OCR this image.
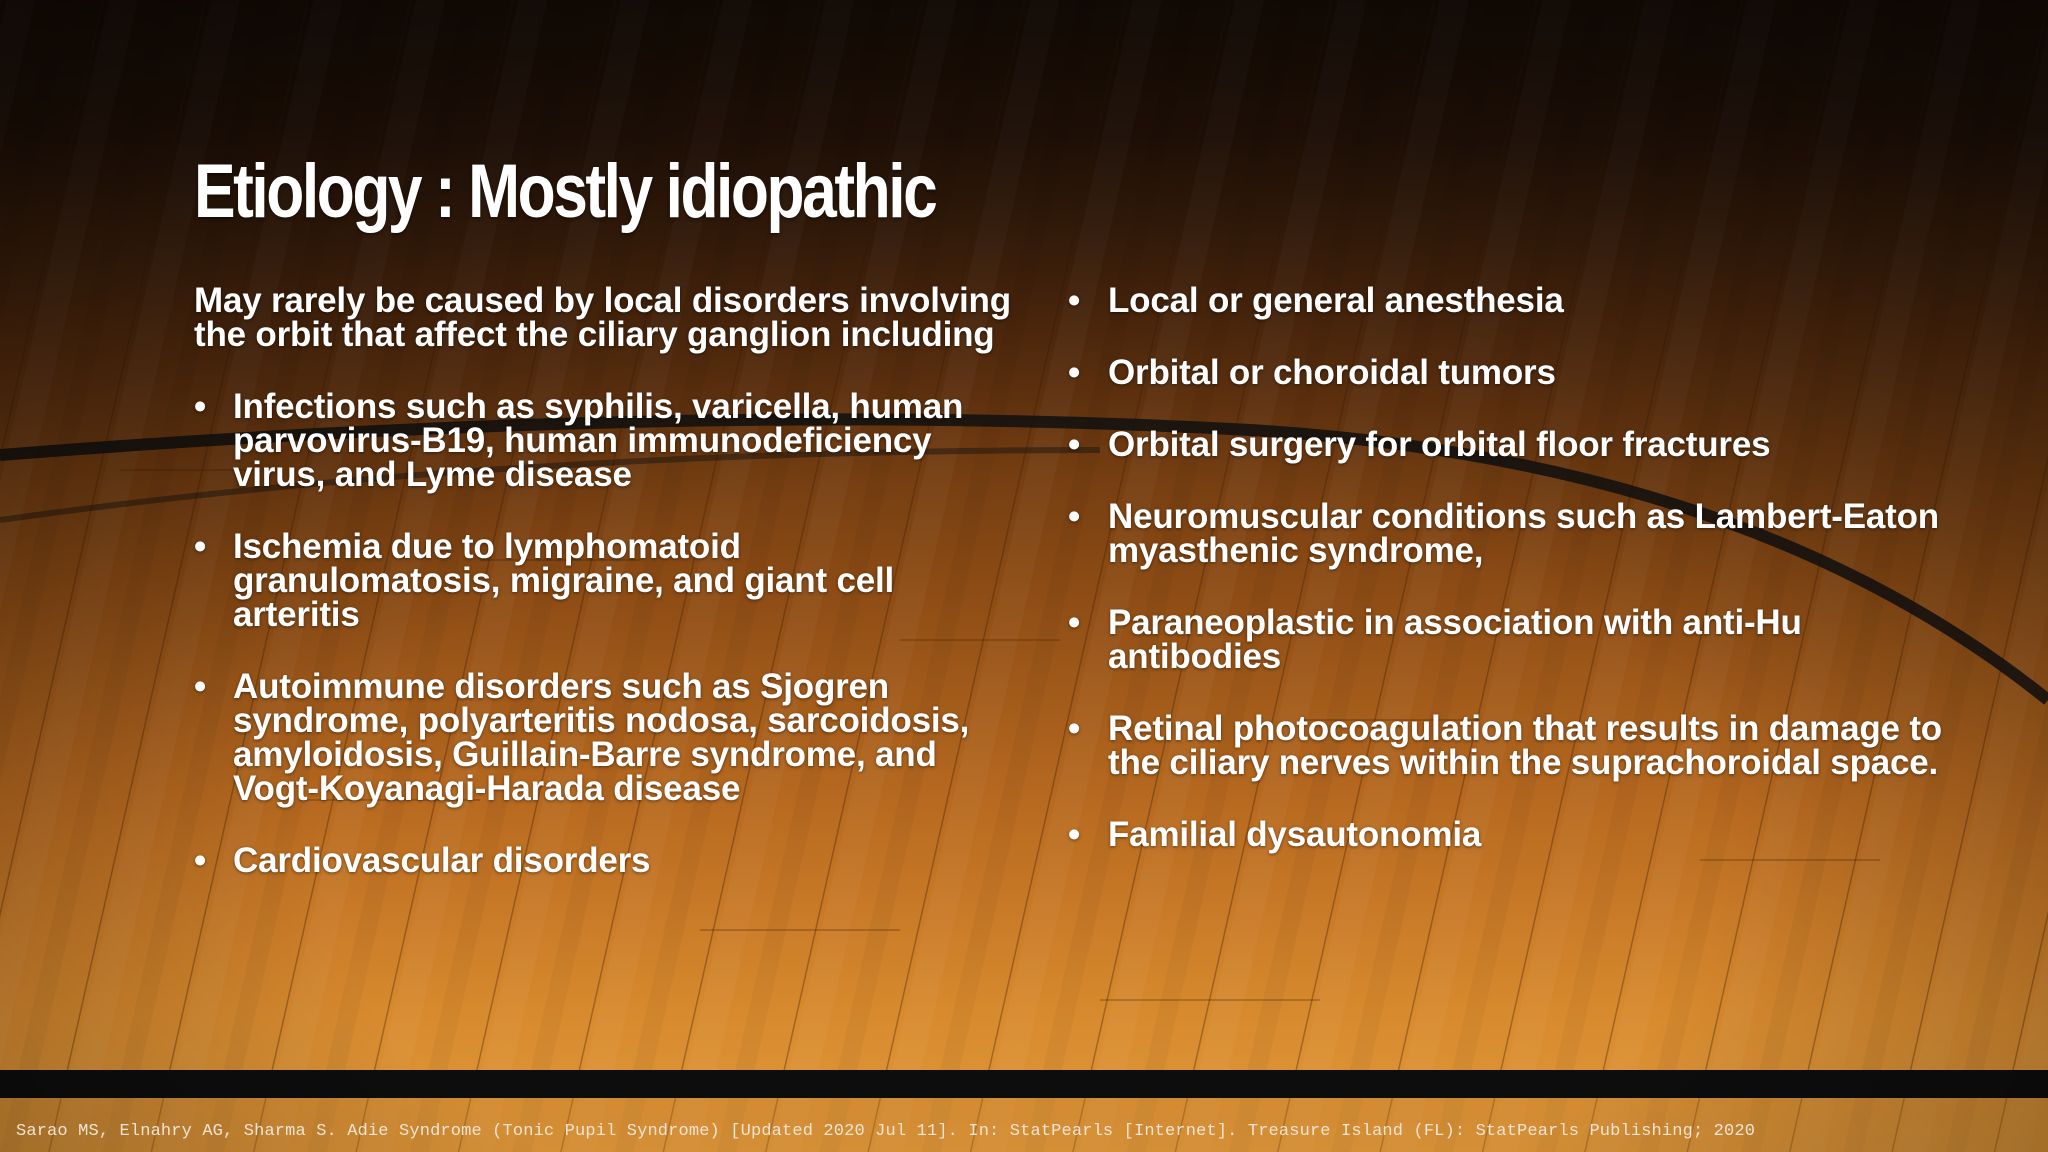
Etiology : Mostly idiopathic

May rarely be caused by local disorders involving the orbit that affect the ciliary ganglion including

• Infections such as syphilis, varicella, human parvovirus-B19, human immunodeficiency virus, and Lyme disease
• Ischemia due to lymphomatoid granulomatosis, migraine, and giant cell arteritis
• Autoimmune disorders such as Sjogren syndrome, polyarteritis nodosa, sarcoidosis, amyloidosis, Guillain-Barre syndrome, and Vogt-Koyanagi-Harada disease
• Cardiovascular disorders
• Local or general anesthesia
• Orbital or choroidal tumors
• Orbital surgery for orbital floor fractures
• Neuromuscular conditions such as Lambert-Eaton myasthenic syndrome,
• Paraneoplastic in association with anti-Hu antibodies
• Retinal photocoagulation that results in damage to the ciliary nerves within the suprachoroidal space.
• Familial dysautonomia
Sarao MS, Elnahry AG, Sharma S. Adie Syndrome (Tonic Pupil Syndrome) [Updated 2020 Jul 11]. In: StatPearls [Internet]. Treasure Island (FL): StatPearls Publishing; 2020
